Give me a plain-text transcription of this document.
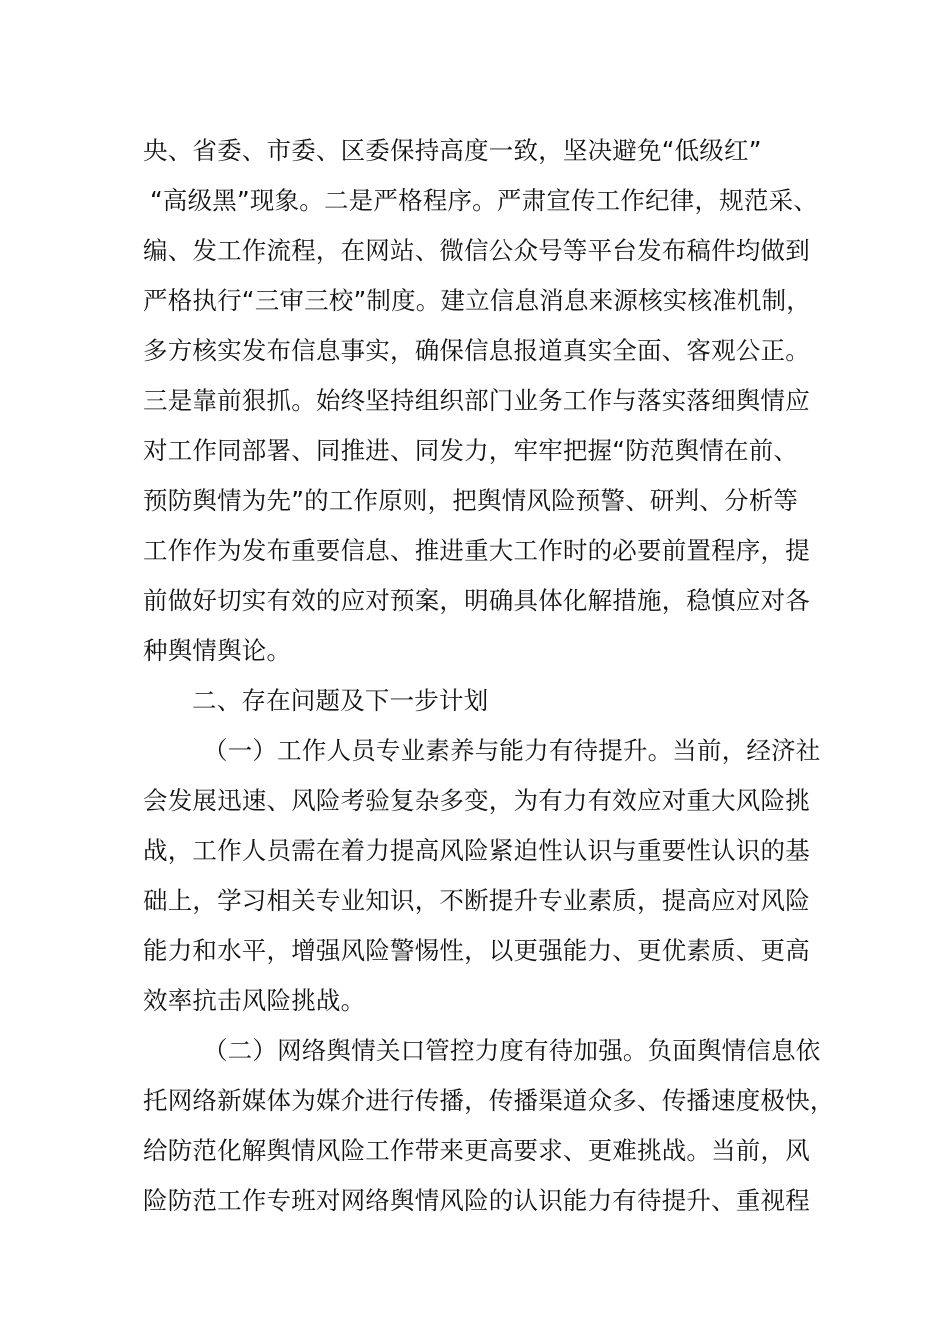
央、省委、市委、区委保持高度一致，坚决避免“低级红”
“高级黑”现象。二是严格程序。严肃宣传工作纪律，规范采、
编、发工作流程，在网站、微信公众号等平台发布稿件均做到
严格执行“三审三校”制度。建立信息消息来源核实核准机制，
多方核实发布信息事实，确保信息报道真实全面、客观公正。
三是靠前狠抓。始终坚持组织部门业务工作与落实落细舆情应
对工作同部署、同推进、同发力，牢牢把握“防范舆情在前、
预防舆情为先”的工作原则，把舆情风险预警、研判、分析等
工作作为发布重要信息、推进重大工作时的必要前置程序，提
前做好切实有效的应对预案，明确具体化解措施，稳慎应对各
种舆情舆论。
二、存在问题及下一步计划
（一）工作人员专业素养与能力有待提升。当前，经济社
会发展迅速、风险考验复杂多变，为有力有效应对重大风险挑
战，工作人员需在着力提高风险紧迫性认识与重要性认识的基
础上，学习相关专业知识，不断提升专业素质，提高应对风险
能力和水平，增强风险警惕性，以更强能力、更优素质、更高
效率抗击风险挑战。
（二）网络舆情关口管控力度有待加强。负面舆情信息依
托网络新媒体为媒介进行传播，传播渠道众多、传播速度极快，
给防范化解舆情风险工作带来更高要求、更难挑战。当前，风
险防范工作专班对网络舆情风险的认识能力有待提升、重视程
